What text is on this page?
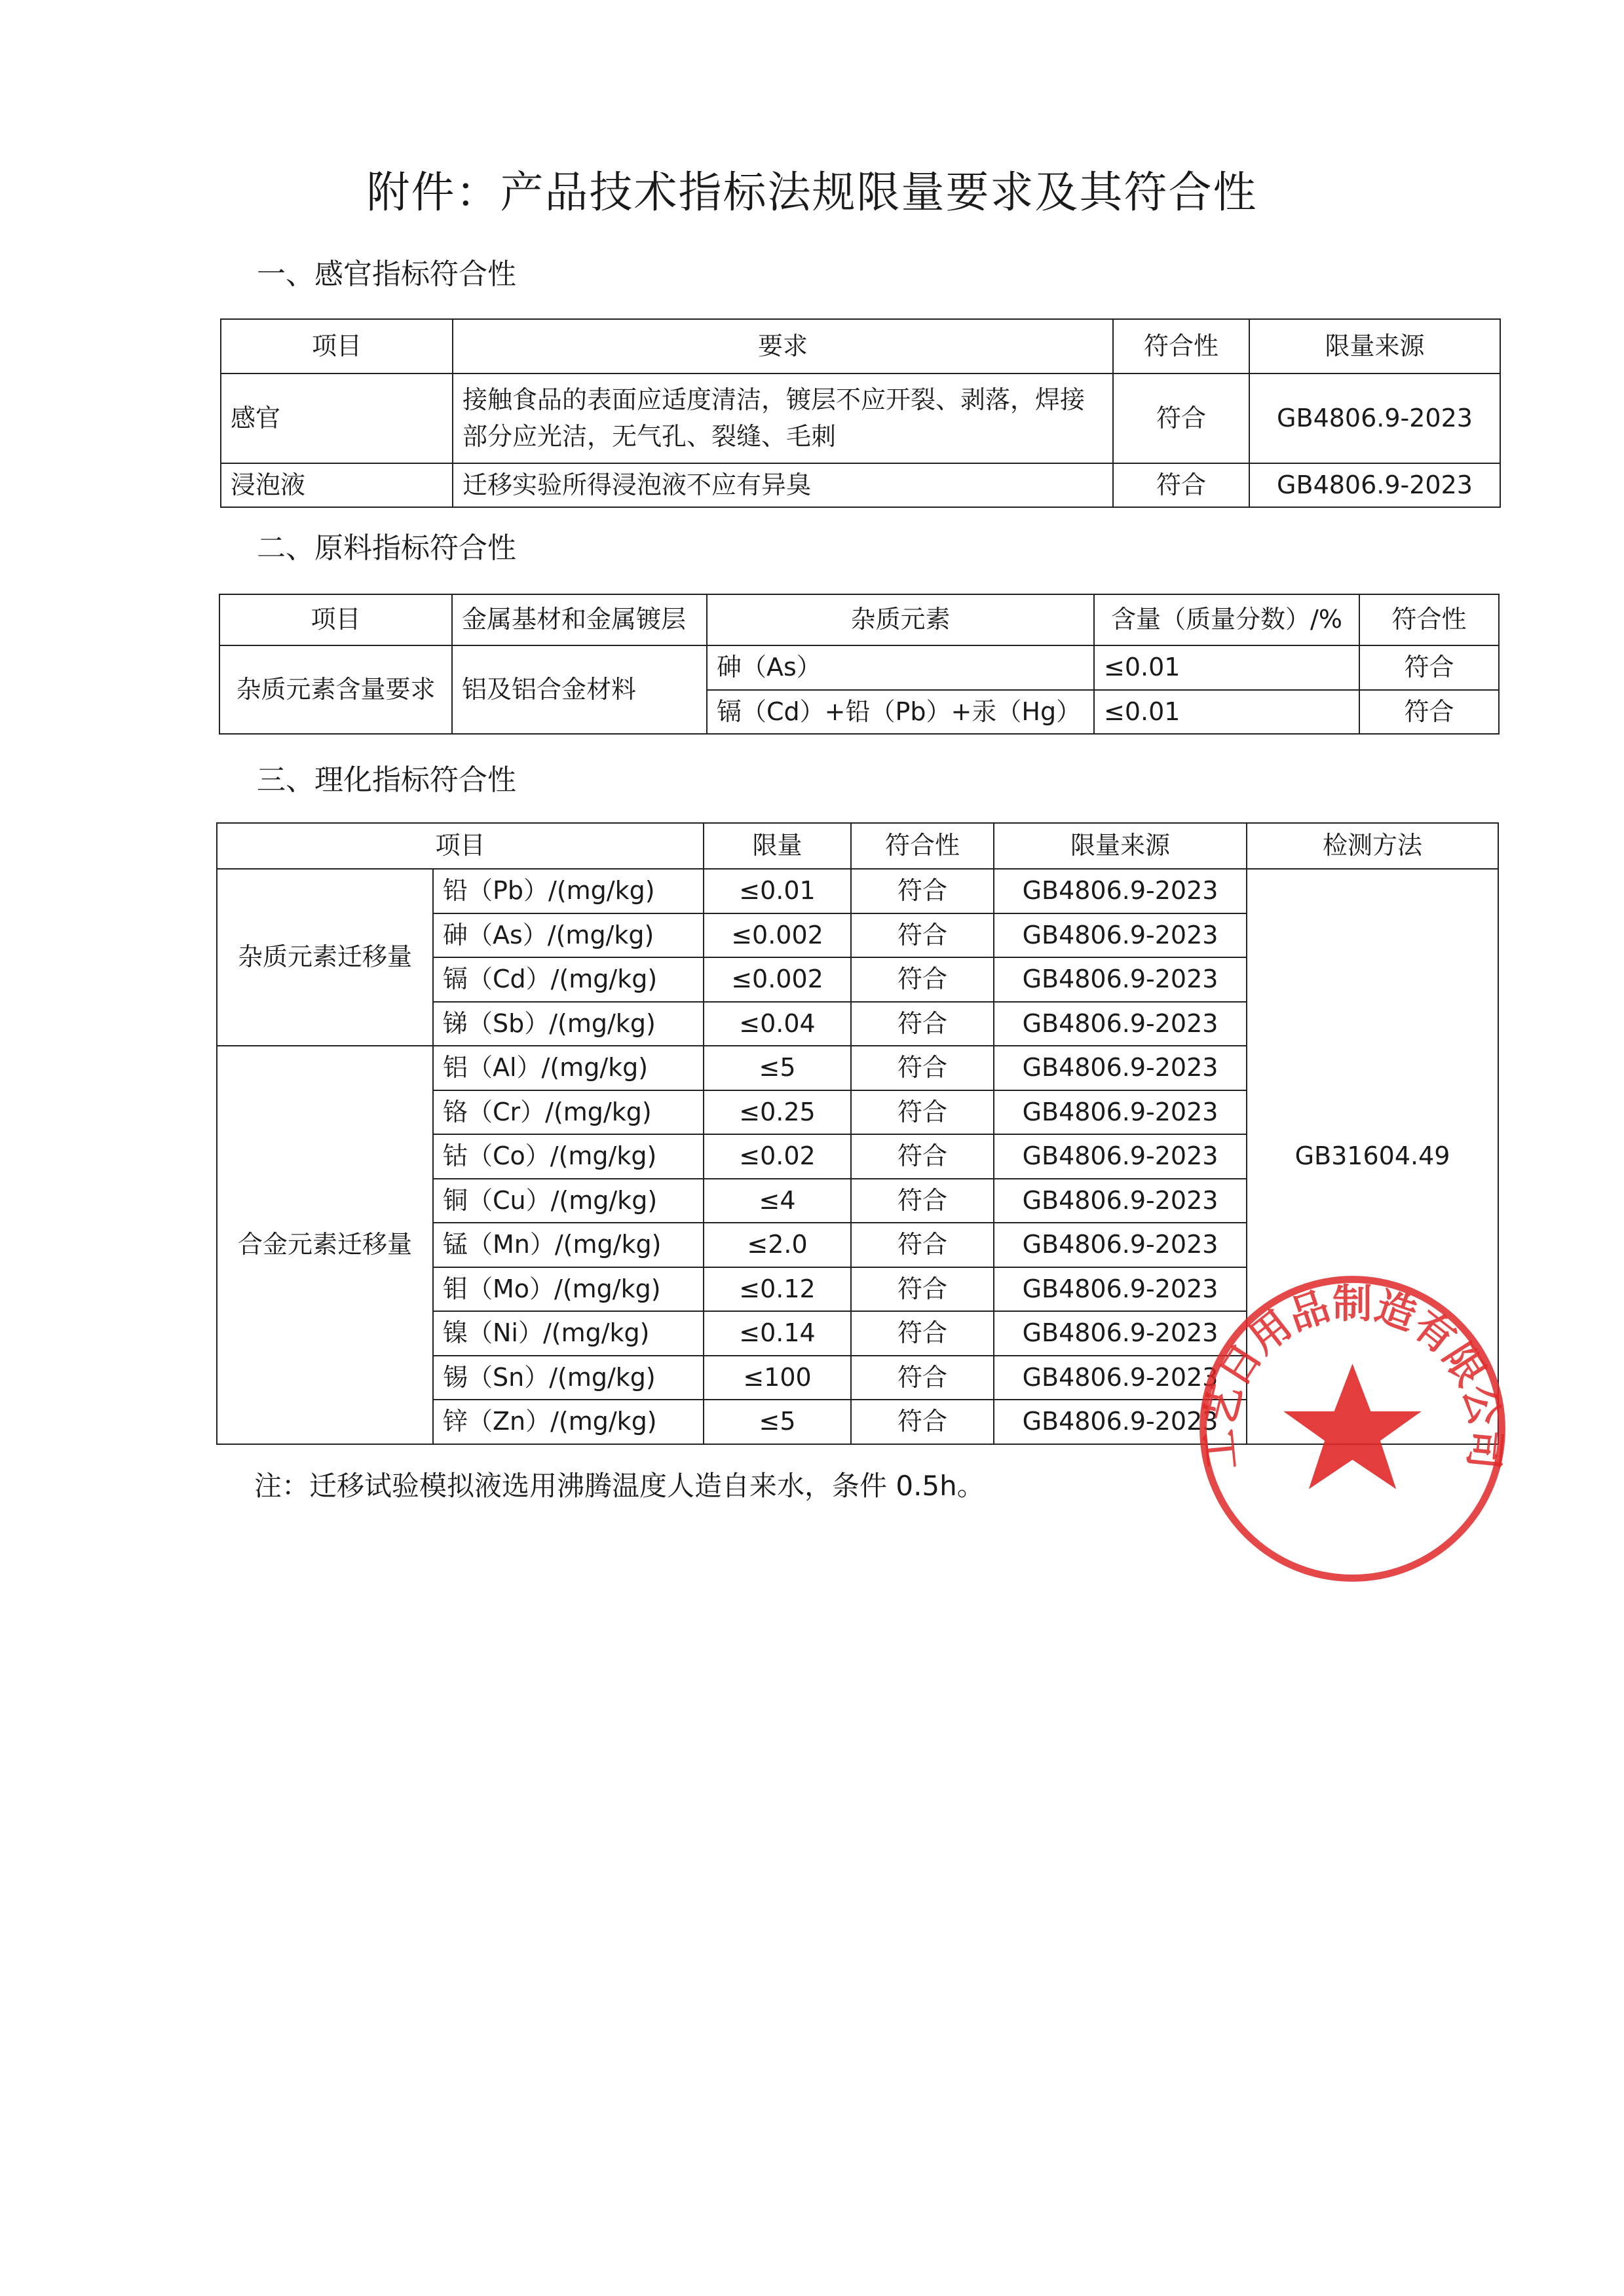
附件：产品技术指标法规限量要求及其符合性
一、感官指标符合性
项目	要求	符合性	限量来源
感官	接触食品的表面应适度清洁，镀层不应开裂、剥落，焊接部分应光洁，无气孔、裂缝、毛刺	符合	GB4806.9-2023
浸泡液	迁移实验所得浸泡液不应有异臭	符合	GB4806.9-2023
二、原料指标符合性
项目	金属基材和金属镀层	杂质元素	含量（质量分数）/%	符合性
杂质元素含量要求	铝及铝合金材料	砷（As）	≤0.01	符合
		镉（Cd）+铅（Pb）+汞（Hg）	≤0.01	符合
三、理化指标符合性
项目		限量	符合性	限量来源	检测方法
杂质元素迁移量	铅（Pb）/(mg/kg)	≤0.01	符合	GB4806.9-2023	GB31604.49
	砷（As）/(mg/kg)	≤0.002	符合	GB4806.9-2023	
	镉（Cd）/(mg/kg)	≤0.002	符合	GB4806.9-2023	
	锑（Sb）/(mg/kg)	≤0.04	符合	GB4806.9-2023	
合金元素迁移量	铝（Al）/(mg/kg)	≤5	符合	GB4806.9-2023	
	铬（Cr）/(mg/kg)	≤0.25	符合	GB4806.9-2023	
	钴（Co）/(mg/kg)	≤0.02	符合	GB4806.9-2023	
	铜（Cu）/(mg/kg)	≤4	符合	GB4806.9-2023	
	锰（Mn）/(mg/kg)	≤2.0	符合	GB4806.9-2023	
	钼（Mo）/(mg/kg)	≤0.12	符合	GB4806.9-2023	
	镍（Ni）/(mg/kg)	≤0.14	符合	GB4806.9-2023	
	锡（Sn）/(mg/kg)	≤100	符合	GB4806.9-2023	
	锌（Zn）/(mg/kg)	≤5	符合	GB4806.9-2023	

注：迁移试验模拟液选用沸腾温度人造自来水，条件 0.5h。

工艺日用品制造有限公司
